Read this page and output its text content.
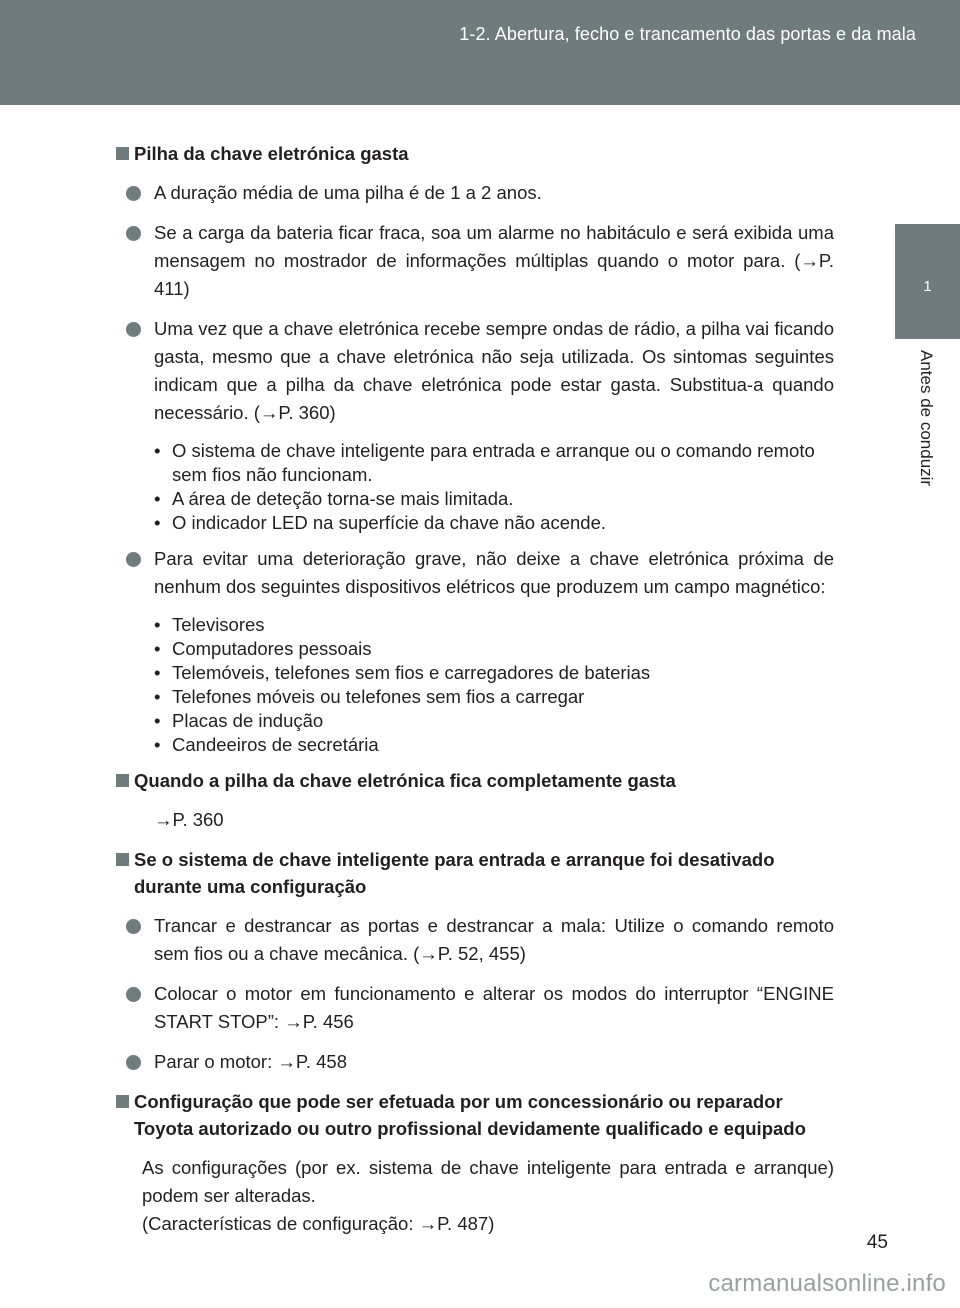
1-2. Abertura, fecho e trancamento das portas e da mala
1
Antes de conduzir
Pilha da chave eletrónica gasta
A duração média de uma pilha é de 1 a 2 anos.
Se a carga da bateria ficar fraca, soa um alarme no habitáculo e será exibida uma mensagem no mostrador de informações múltiplas quando o motor para. (→P. 411)
Uma vez que a chave eletrónica recebe sempre ondas de rádio, a pilha vai ficando gasta, mesmo que a chave eletrónica não seja utilizada. Os sintomas seguintes indicam que a pilha da chave eletrónica pode estar gasta. Substitua-a quando necessário. (→P. 360)
• O sistema de chave inteligente para entrada e arranque ou o comando remoto sem fios não funcionam.
• A área de deteção torna-se mais limitada.
• O indicador LED na superfície da chave não acende.
Para evitar uma deterioração grave, não deixe a chave eletrónica próxima de nenhum dos seguintes dispositivos elétricos que produzem um campo magnético:
• Televisores
• Computadores pessoais
• Telemóveis, telefones sem fios e carregadores de baterias
• Telefones móveis ou telefones sem fios a carregar
• Placas de indução
• Candeeiros de secretária
Quando a pilha da chave eletrónica fica completamente gasta
→P. 360
Se o sistema de chave inteligente para entrada e arranque foi desativado durante uma configuração
Trancar e destrancar as portas e destrancar a mala: Utilize o comando remoto sem fios ou a chave mecânica. (→P. 52, 455)
Colocar o motor em funcionamento e alterar os modos do interruptor “ENGINE START STOP”: →P. 456
Parar o motor: →P. 458
Configuração que pode ser efetuada por um concessionário ou reparador Toyota autorizado ou outro profissional devidamente qualificado e equipado
As configurações (por ex. sistema de chave inteligente para entrada e arranque) podem ser alteradas.
(Características de configuração: →P. 487)
45
carmanualsonline.info
